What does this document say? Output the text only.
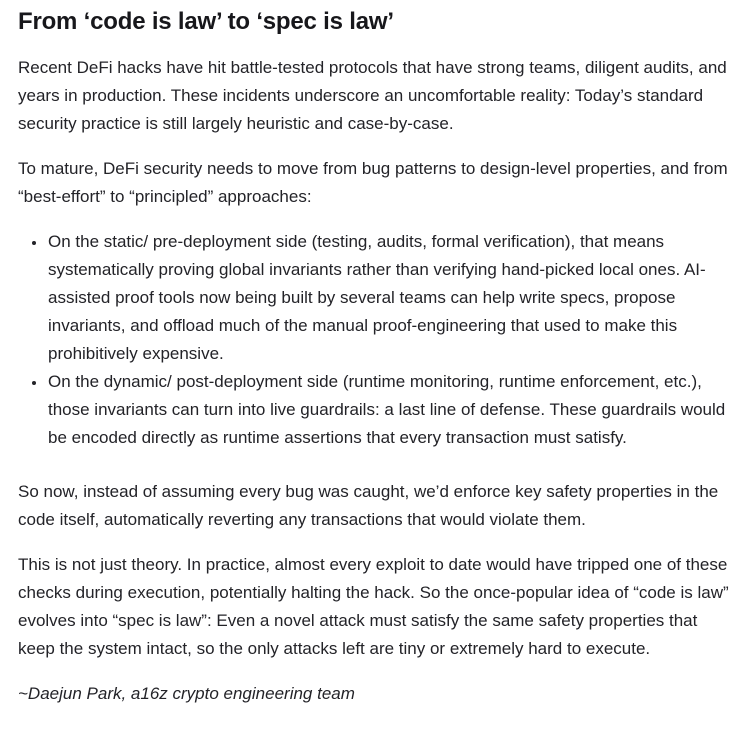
From ‘code is law’ to ‘spec is law’

Recent DeFi hacks have hit battle-tested protocols that have strong teams, diligent audits, and years in production. These incidents underscore an uncomfortable reality: Today’s standard security practice is still largely heuristic and case-by-case.

To mature, DeFi security needs to move from bug patterns to design-level properties, and from “best-effort” to “principled” approaches:

• On the static/ pre-deployment side (testing, audits, formal verification), that means systematically proving global invariants rather than verifying hand-picked local ones. AI-assisted proof tools now being built by several teams can help write specs, propose invariants, and offload much of the manual proof-engineering that used to make this prohibitively expensive.
• On the dynamic/ post-deployment side (runtime monitoring, runtime enforcement, etc.), those invariants can turn into live guardrails: a last line of defense. These guardrails would be encoded directly as runtime assertions that every transaction must satisfy.

So now, instead of assuming every bug was caught, we’d enforce key safety properties in the code itself, automatically reverting any transactions that would violate them.

This is not just theory. In practice, almost every exploit to date would have tripped one of these checks during execution, potentially halting the hack. So the once-popular idea of “code is law” evolves into “spec is law”: Even a novel attack must satisfy the same safety properties that keep the system intact, so the only attacks left are tiny or extremely hard to execute.

~Daejun Park, a16z crypto engineering team
